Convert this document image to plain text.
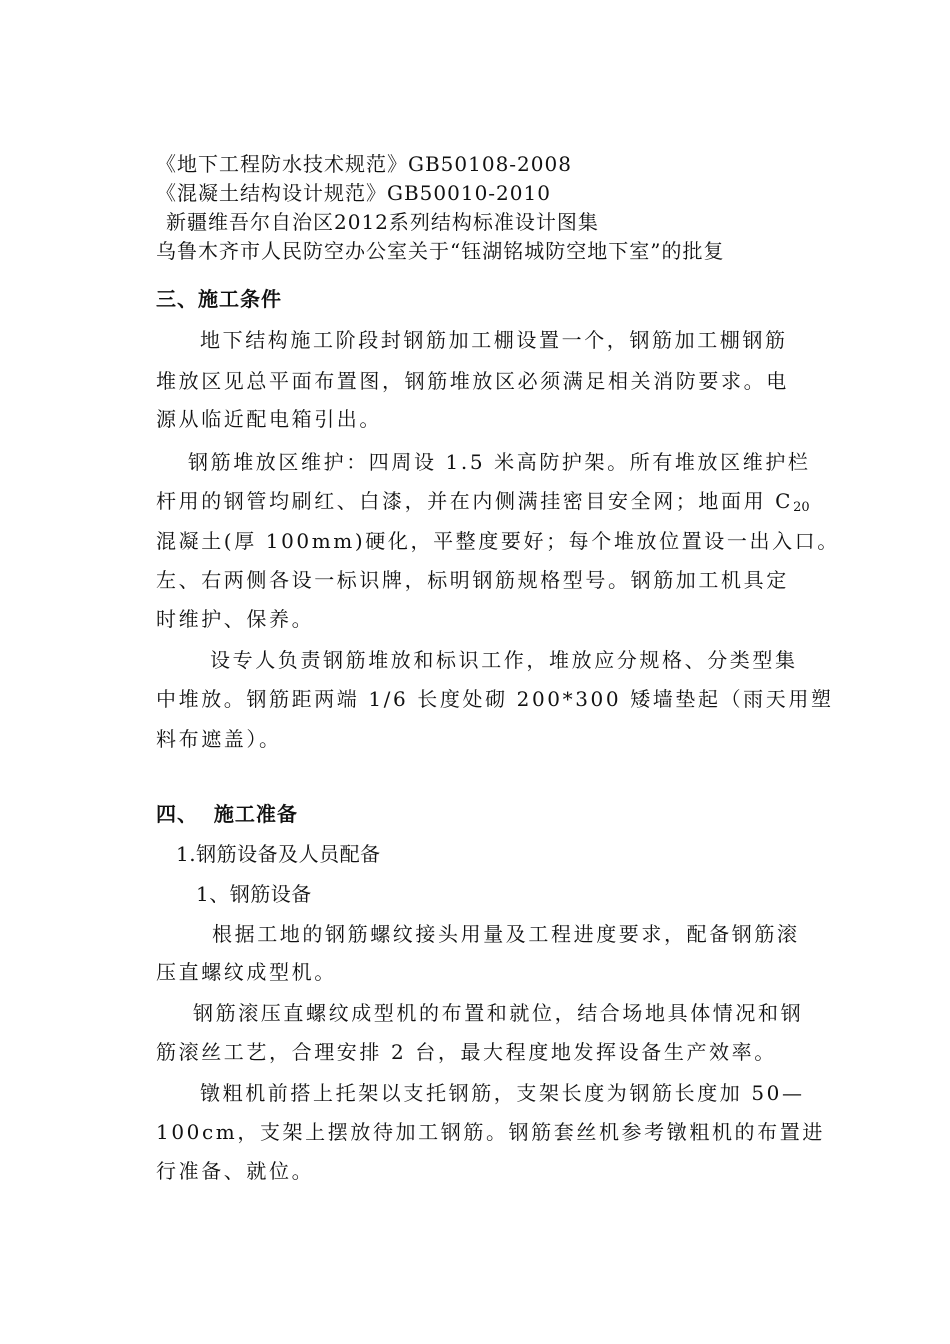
《地下工程防水技术规范》GB50108-2008
《混凝土结构设计规范》GB50010-2010
新疆维吾尔自治区2012系列结构标准设计图集
乌鲁木齐市人民防空办公室关于“钰湖铭城防空地下室”的批复
三、施工条件
地下结构施工阶段封钢筋加工棚设置一个，钢筋加工棚钢筋
堆放区见总平面布置图，钢筋堆放区必须满足相关消防要求。电
源从临近配电箱引出。
钢筋堆放区维护：四周设 1.5 米高防护架。所有堆放区维护栏
杆用的钢管均刷红、白漆，并在内侧满挂密目安全网；地面用 $C_{20}$
混凝土(厚 100mm)硬化，平整度要好；每个堆放位置设一出入口。
左、右两侧各设一标识牌，标明钢筋规格型号。钢筋加工机具定
时维护、保养。
设专人负责钢筋堆放和标识工作，堆放应分规格、分类型集
中堆放。钢筋距两端 1/6 长度处砌 200*300 矮墙垫起（雨天用塑
料布遮盖）。
四、  施工准备
1.钢筋设备及人员配备
1、钢筋设备
根据工地的钢筋螺纹接头用量及工程进度要求，配备钢筋滚
压直螺纹成型机。
钢筋滚压直螺纹成型机的布置和就位，结合场地具体情况和钢
筋滚丝工艺，合理安排 2 台，最大程度地发挥设备生产效率。
镦粗机前搭上托架以支托钢筋，支架长度为钢筋长度加 50—
100cm，支架上摆放待加工钢筋。钢筋套丝机参考镦粗机的布置进
行准备、就位。
